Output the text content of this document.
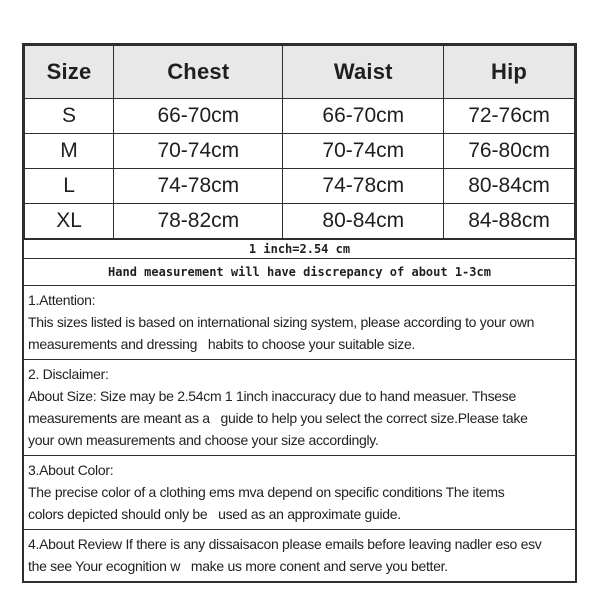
Size	Chest	Waist	Hip
S	66-70cm	66-70cm	72-76cm
M	70-74cm	70-74cm	76-80cm
L	74-78cm	74-78cm	80-84cm
XL	78-82cm	80-84cm	84-88cm
1 inch=2.54 cm
Hand measurement will have discrepancy of about 1-3cm
1.Attention:
This sizes listed is based on international sizing system, please according to your own
measurements and dressing   habits to choose your suitable size.
2. Disclaimer:
About Size: Size may be 2.54cm 1 1inch inaccuracy due to hand measuer. Thsese
measurements are meant as a   guide to help you select the correct size.Please take
your own measurements and choose your size accordingly.
3.About Color:
The precise color of a clothing ems mva depend on specific conditions The items
colors depicted should only be   used as an approximate guide.
4.About Review If there is any dissaisacon please emails before leaving nadler eso esv
the see Your ecognition w   make us more conent and serve you better.
